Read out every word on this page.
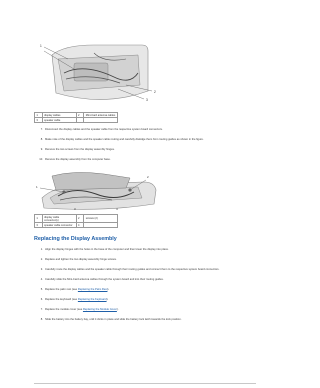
1
2
3
1	display cables	2	Mini-Card antenna cables
3	speaker cable		
7. Disconnect the display cables and the speaker cable from the respective system board connectors.
8. Make note of the display cables and the speaker cable routing and carefully dislodge them from routing guides as shown in the figure.
9. Remove the two screws from the display assembly hinges.
10. Remove the display assembly from the computer base.
1
2
3	4
1	display cable connector(s)	2	screws (2)
3	speaker cable connector	4	
Replacing the Display Assembly
1. Align the display hinges with the holes in the base of the computer and then lower the display into place.
2. Replace and tighten the two display assembly hinge screws.
3. Carefully route the display cables and the speaker cable through their routing guides and connect them to the respective system board connectors.
4. Carefully slide the Mini-Card antenna cables through the system board and into their routing guides.
5. Replace the palm rest (see Replacing the Palm Rest).
6. Replace the keyboard (see Replacing the Keyboard).
7. Replace the module cover (see Replacing the Module Cover).
8. Slide the battery into the battery bay, until it clicks in place and slide the battery lock latch towards the lock position.
